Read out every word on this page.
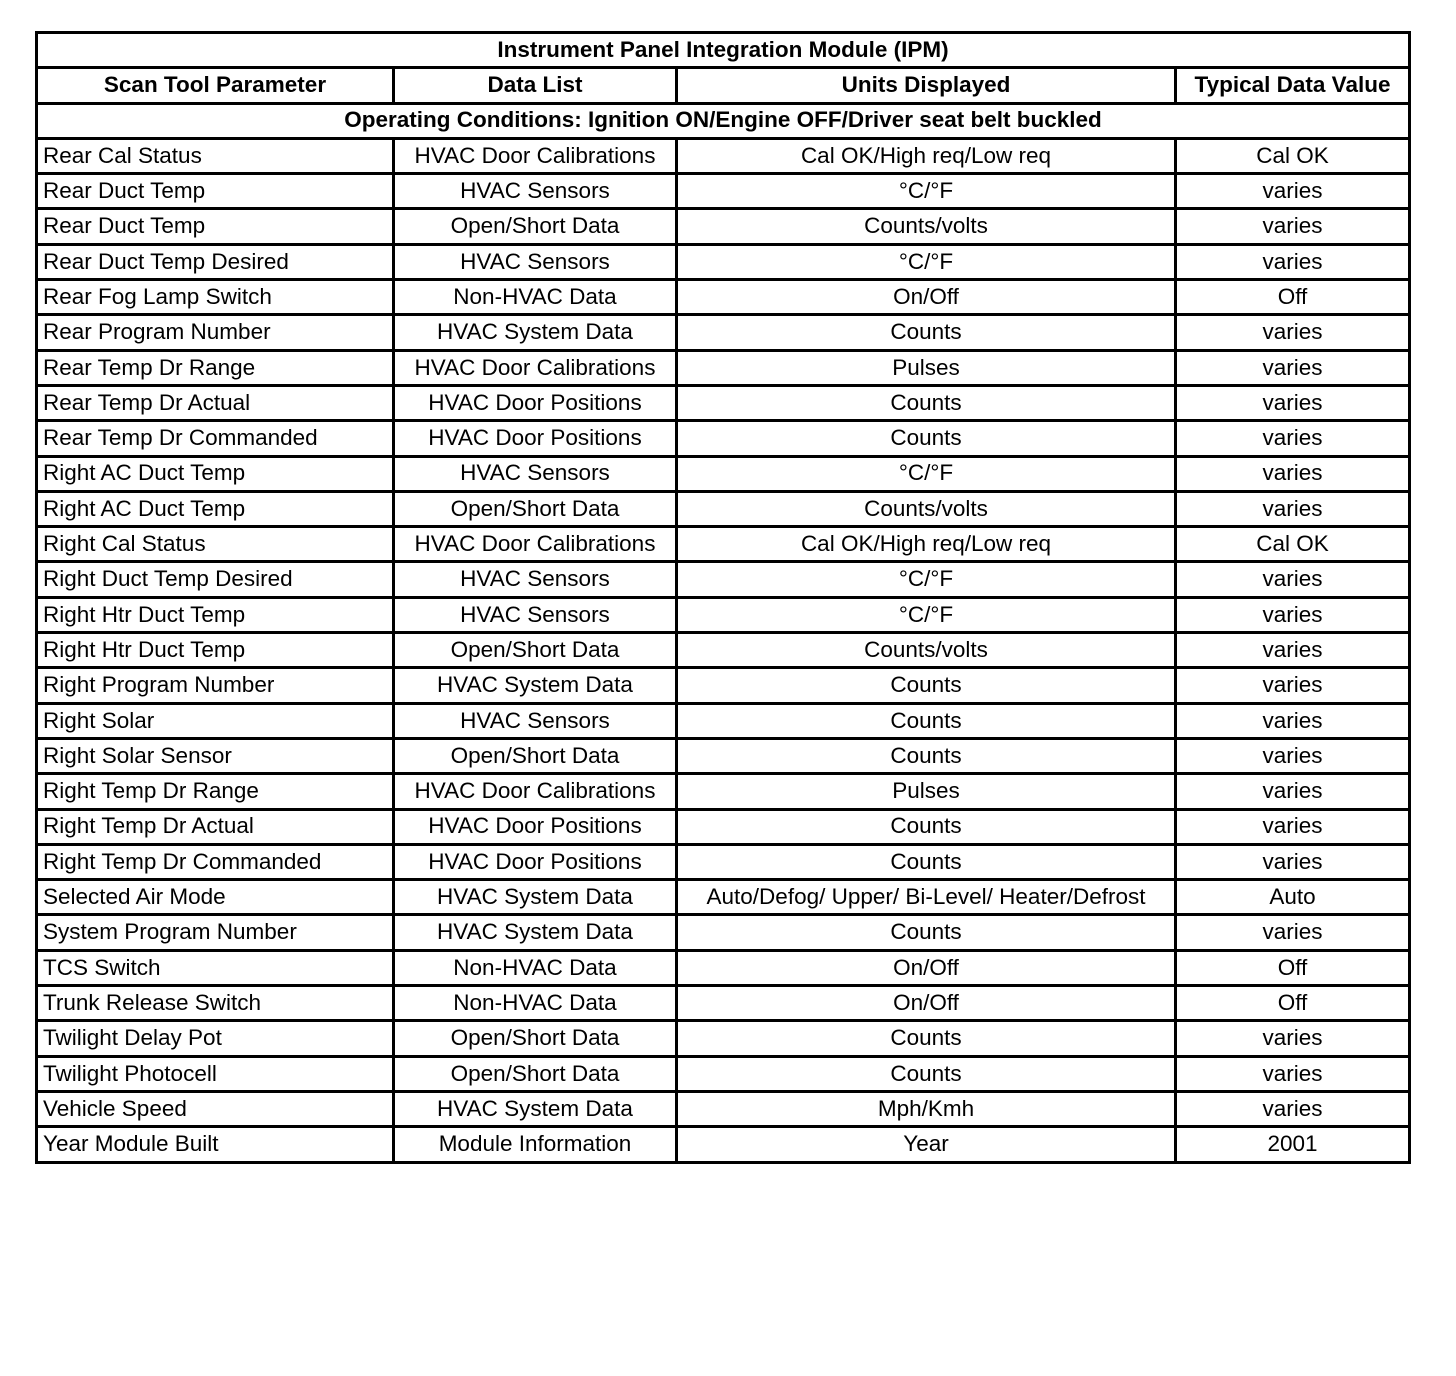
Instrument Panel Integration Module (IPM)			
Scan Tool Parameter	Data List	Units Displayed	Typical Data Value
Operating Conditions: Ignition ON/Engine OFF/Driver seat belt buckled			
Rear Cal Status	HVAC Door Calibrations	Cal OK/High req/Low req	Cal OK
Rear Duct Temp	HVAC Sensors	°C/°F	varies
Rear Duct Temp	Open/Short Data	Counts/volts	varies
Rear Duct Temp Desired	HVAC Sensors	°C/°F	varies
Rear Fog Lamp Switch	Non-HVAC Data	On/Off	Off
Rear Program Number	HVAC System Data	Counts	varies
Rear Temp Dr Range	HVAC Door Calibrations	Pulses	varies
Rear Temp Dr Actual	HVAC Door Positions	Counts	varies
Rear Temp Dr Commanded	HVAC Door Positions	Counts	varies
Right AC Duct Temp	HVAC Sensors	°C/°F	varies
Right AC Duct Temp	Open/Short Data	Counts/volts	varies
Right Cal Status	HVAC Door Calibrations	Cal OK/High req/Low req	Cal OK
Right Duct Temp Desired	HVAC Sensors	°C/°F	varies
Right Htr Duct Temp	HVAC Sensors	°C/°F	varies
Right Htr Duct Temp	Open/Short Data	Counts/volts	varies
Right Program Number	HVAC System Data	Counts	varies
Right Solar	HVAC Sensors	Counts	varies
Right Solar Sensor	Open/Short Data	Counts	varies
Right Temp Dr Range	HVAC Door Calibrations	Pulses	varies
Right Temp Dr Actual	HVAC Door Positions	Counts	varies
Right Temp Dr Commanded	HVAC Door Positions	Counts	varies
Selected Air Mode	HVAC System Data	Auto/Defog/ Upper/ Bi-Level/ Heater/Defrost	Auto
System Program Number	HVAC System Data	Counts	varies
TCS Switch	Non-HVAC Data	On/Off	Off
Trunk Release Switch	Non-HVAC Data	On/Off	Off
Twilight Delay Pot	Open/Short Data	Counts	varies
Twilight Photocell	Open/Short Data	Counts	varies
Vehicle Speed	HVAC System Data	Mph/Kmh	varies
Year Module Built	Module Information	Year	2001
